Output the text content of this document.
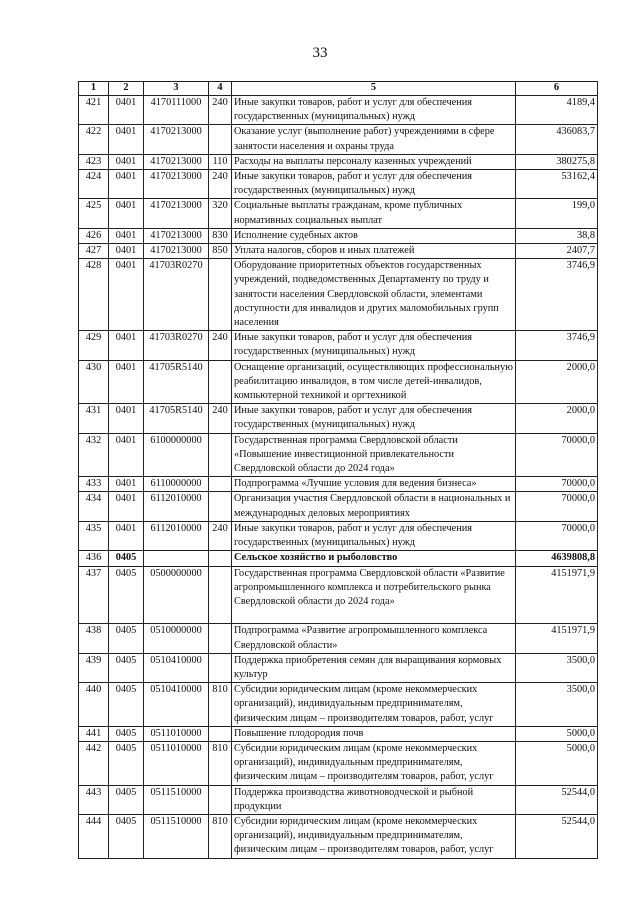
33
1	2	3	4	5	6
421	0401	4170111000	240	Иные закупки товаров, работ и услуг для обеспечения государственных (муниципальных) нужд	4189,4
422	0401	4170213000		Оказание услуг (выполнение работ) учреждениями в сфере занятости населения и охраны труда	436083,7
423	0401	4170213000	110	Расходы на выплаты персоналу казенных учреждений	380275,8
424	0401	4170213000	240	Иные закупки товаров, работ и услуг для обеспечения государственных (муниципальных) нужд	53162,4
425	0401	4170213000	320	Социальные выплаты гражданам, кроме публичных нормативных социальных выплат	199,0
426	0401	4170213000	830	Исполнение судебных актов	38,8
427	0401	4170213000	850	Уплата налогов, сборов и иных платежей	2407,7
428	0401	41703R0270		Оборудование приоритетных объектов государственных учреждений, подведомственных Департаменту по труду и занятости населения Свердловской области, элементами доступности для инвалидов и других маломобильных групп населения	3746,9
429	0401	41703R0270	240	Иные закупки товаров, работ и услуг для обеспечения государственных (муниципальных) нужд	3746,9
430	0401	41705R5140		Оснащение организаций, осуществляющих профессиональную реабилитацию инвалидов, в том числе детей-инвалидов, компьютерной техникой и оргтехникой	2000,0
431	0401	41705R5140	240	Иные закупки товаров, работ и услуг для обеспечения государственных (муниципальных) нужд	2000,0
432	0401	6100000000		Государственная программа Свердловской области «Повышение инвестиционной привлекательности Свердловской области до 2024 года»	70000,0
433	0401	6110000000		Подпрограмма «Лучшие условия для ведения бизнеса»	70000,0
434	0401	6112010000		Организация участия Свердловской области в национальных и международных деловых мероприятиях	70000,0
435	0401	6112010000	240	Иные закупки товаров, работ и услуг для обеспечения государственных (муниципальных) нужд	70000,0
436	0405			Сельское хозяйство и рыболовство	4639808,8
437	0405	0500000000		Государственная программа Свердловской области «Развитие агропромышленного комплекса и потребительского рынка Свердловской области до 2024 года»	4151971,9
438	0405	0510000000		Подпрограмма «Развитие агропромышленного комплекса Свердловской области»	4151971,9
439	0405	0510410000		Поддержка приобретения семян для выращивания кормовых культур	3500,0
440	0405	0510410000	810	Субсидии юридическим лицам (кроме некоммерческих организаций), индивидуальным предпринимателям, физическим лицам – производителям товаров, работ, услуг	3500,0
441	0405	0511010000		Повышение плодородия почв	5000,0
442	0405	0511010000	810	Субсидии юридическим лицам (кроме некоммерческих организаций), индивидуальным предпринимателям, физическим лицам – производителям товаров, работ, услуг	5000,0
443	0405	0511510000		Поддержка производства животноводческой и рыбной продукции	52544,0
444	0405	0511510000	810	Субсидии юридическим лицам (кроме некоммерческих организаций), индивидуальным предпринимателям, физическим лицам – производителям товаров, работ, услуг	52544,0
